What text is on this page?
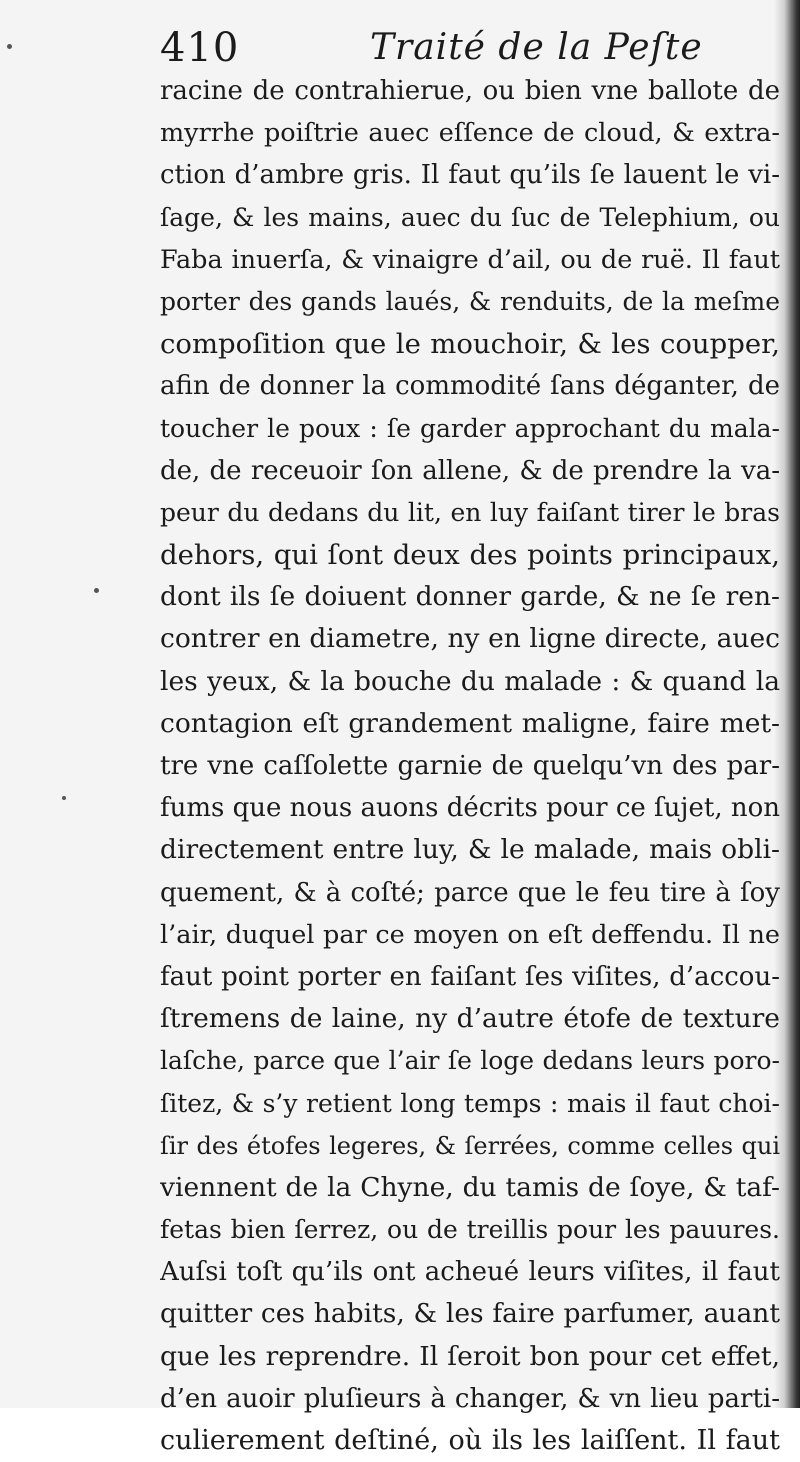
410	Traité de la Peſte
racine de contrahierue, ou bien vne ballote de
myrrhe poiſtrie auec eſſence de cloud, & extra-
ction d’ambre gris. Il faut qu’ils ſe lauent le vi-
ſage, & les mains, auec du ſuc de Telephium, ou
Faba inuerſa, & vinaigre d’ail, ou de ruë. Il faut
porter des gands laués, & renduits, de la meſme
compoſition que le mouchoir, & les coupper,
afin de donner la commodité ſans déganter, de
toucher le poux : ſe garder approchant du mala-
de, de receuoir ſon allene, & de prendre la va-
peur du dedans du lit, en luy faiſant tirer le bras
dehors, qui ſont deux des points principaux,
dont ils ſe doiuent donner garde, & ne ſe ren-
contrer en diametre, ny en ligne directe, auec
les yeux, & la bouche du malade : & quand la
contagion eſt grandement maligne, faire met-
tre vne caſſolette garnie de quelqu’vn des par-
fums que nous auons décrits pour ce ſujet, non
directement entre luy, & le malade, mais obli-
quement, & à coſté; parce que le feu tire à ſoy
l’air, duquel par ce moyen on eſt deffendu. Il ne
faut point porter en faiſant ſes viſites, d’accou-
ſtremens de laine, ny d’autre étofe de texture
laſche, parce que l’air ſe loge dedans leurs poro-
ſitez, & s’y retient long temps : mais il faut choi-
ſir des étofes legeres, & ſerrées, comme celles qui
viennent de la Chyne, du tamis de ſoye, & taf-
fetas bien ſerrez, ou de treillis pour les pauures.
Auſsi toſt qu’ils ont acheué leurs viſites, il faut
quitter ces habits, & les faire parfumer, auant
que les reprendre. Il ſeroit bon pour cet effet,
d’en auoir pluſieurs à changer, & vn lieu parti-
culierement deſtiné, où ils les laiſſent. Il faut
